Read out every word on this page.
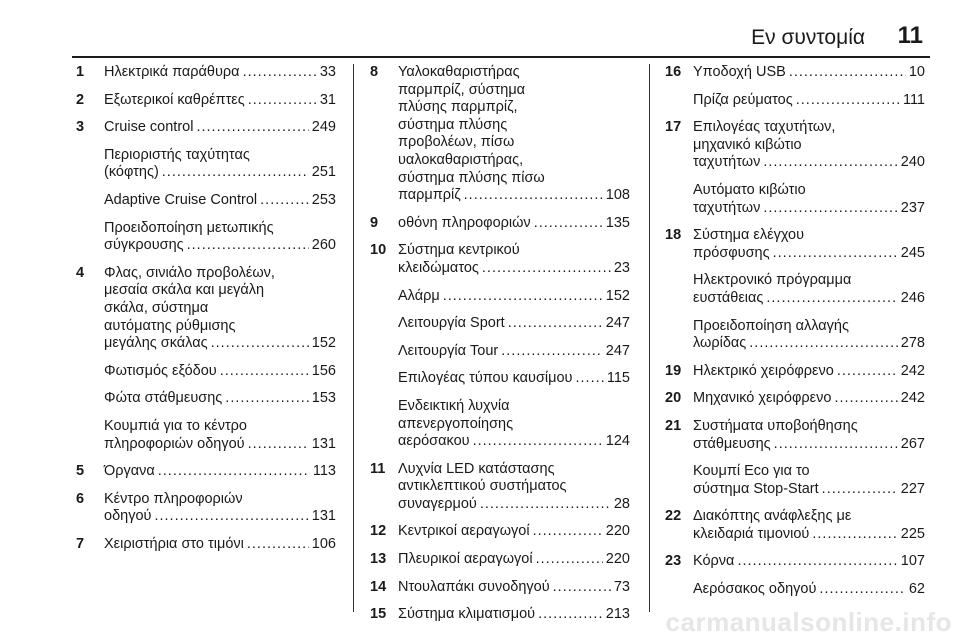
Εν συντομία 11
1 Ηλεκτρικά παράθυρα .....	33
2 Εξωτερικοί καθρέπτες .....	31
3 Cruise control .....	249
Περιοριστής ταχύτητας
(κόφτης) .....	251
Adaptive Cruise Control .....	253
Προειδοποίηση μετωπικής
σύγκρουσης .....	260
4 Φλας, σινιάλο προβολέων,
μεσαία σκάλα και μεγάλη
σκάλα, σύστημα
αυτόματης ρύθμισης
μεγάλης σκάλας .....	152
Φωτισμός εξόδου .....	156
Φώτα στάθμευσης .....	153
Κουμπιά για το κέντρο
πληροφοριών οδηγού .....	131
5 Όργανα .....	113
6 Κέντρο πληροφοριών
οδηγού .....	131
7 Χειριστήρια στο τιμόνι .....	106
8 Υαλοκαθαριστήρας
παρμπρίζ, σύστημα
πλύσης παρμπρίζ,
σύστημα πλύσης
προβολέων, πίσω
υαλοκαθαριστήρας,
σύστημα πλύσης πίσω
παρμπρίζ .....	108
9 οθόνη πληροφοριών .....	135
10 Σύστημα κεντρικού
κλειδώματος .....	23
Αλάρμ .....	152
Λειτουργία Sport .....	247
Λειτουργία Tour .....	247
Επιλογέας τύπου καυσίμου ..... 115
Ενδεικτική λυχνία
απενεργοποίησης
αερόσακου .....	124
11 Λυχνία LED κατάστασης
αντικλεπτικού συστήματος
συναγερμού .....	28
12 Κεντρικοί αεραγωγοί .....	220
13 Πλευρικοί αεραγωγοί .....	220
14 Ντουλαπάκι συνοδηγού .....	73
15 Σύστημα κλιματισμού .....	213
16 Υποδοχή USB .....	10
Πρίζα ρεύματος .....	111
17 Επιλογέας ταχυτήτων,
μηχανικό κιβώτιο
ταχυτήτων .....	240
Αυτόματο κιβώτιο
ταχυτήτων .....	237
18 Σύστημα ελέγχου
πρόσφυσης .....	245
Ηλεκτρονικό πρόγραμμα
ευστάθειας .....	246
Προειδοποίηση αλλαγής
λωρίδας .....	278
19 Ηλεκτρικό χειρόφρενο .....	242
20 Μηχανικό χειρόφρενο .....	242
21 Συστήματα υποβοήθησης
στάθμευσης .....	267
Κουμπί Eco για το
σύστημα Stop-Start .....	227
22 Διακόπτης ανάφλεξης με
κλειδαριά τιμονιού .....	225
23 Κόρνα .....	107
Αερόσακος οδηγού .....	62
carmanualsonline.info
